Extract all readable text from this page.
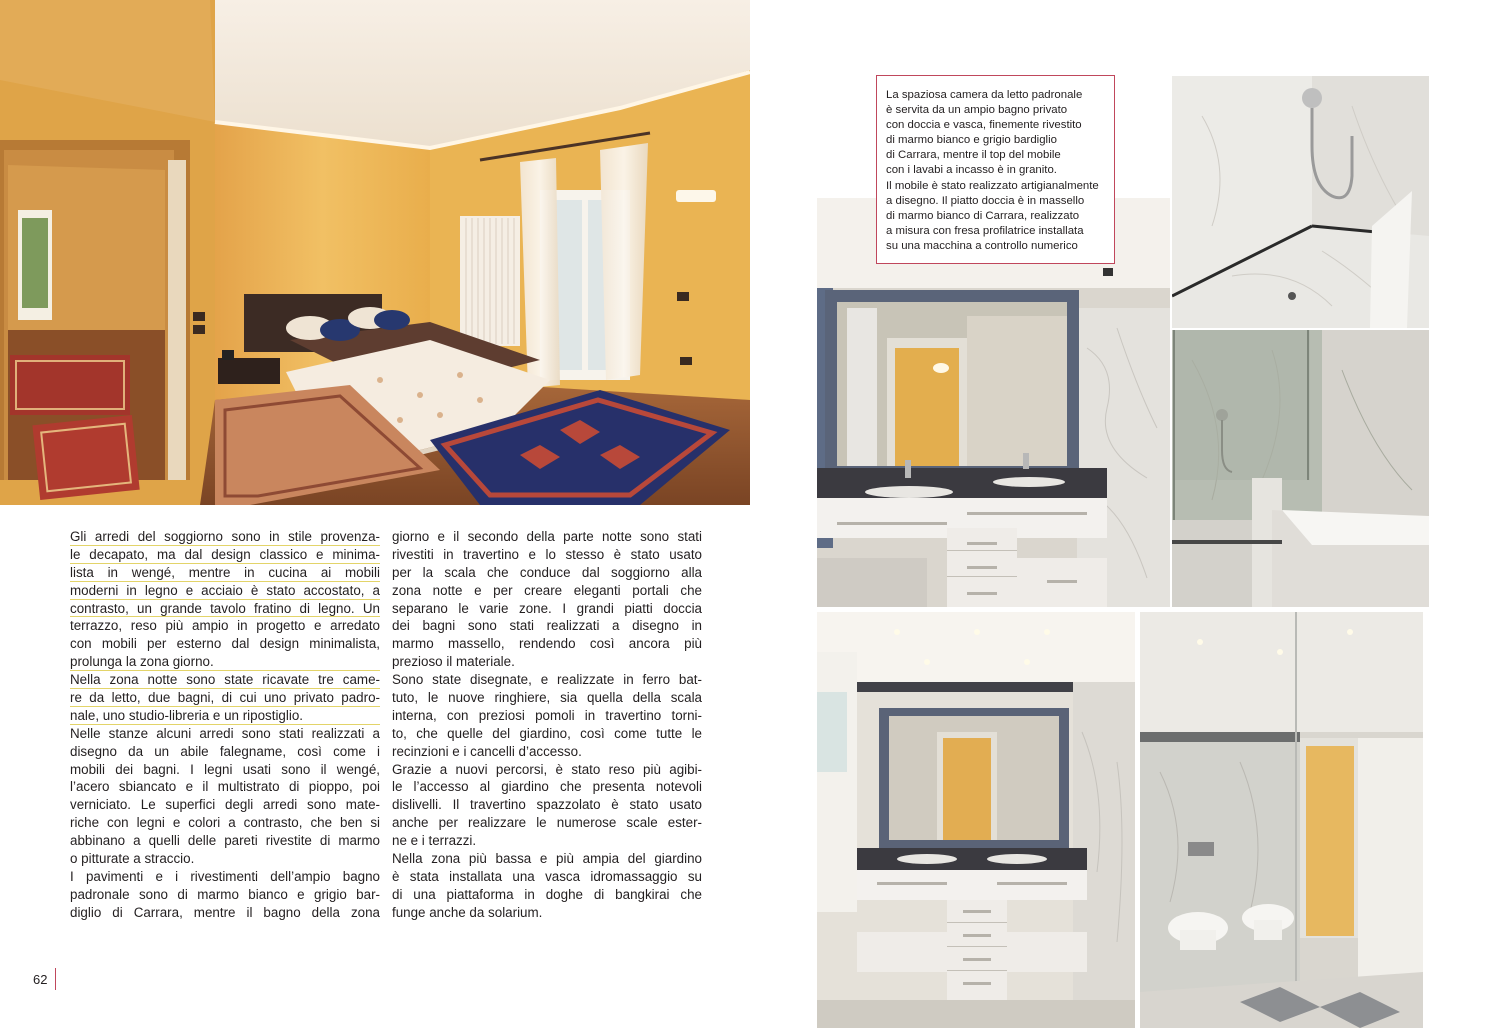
La spaziosa camera da letto padronale
è servita da un ampio bagno privato
con doccia e vasca, finemente rivestito
di marmo bianco e grigio bardiglio
di Carrara, mentre il top del mobile
con i lavabi a incasso è in granito.
Il mobile è stato realizzato artigianalmente
a disegno. Il piatto doccia è in massello
di marmo bianco di Carrara, realizzato
a misura con fresa profilatrice installata
su una macchina a controllo numerico

Gli arredi del soggiorno sono in stile provenza-
le decapato, ma dal design classico e minima-
lista in wengé, mentre in cucina ai mobili
moderni in legno e acciaio è stato accostato, a
contrasto, un grande tavolo fratino di legno. Un
terrazzo, reso più ampio in progetto e arredato
con mobili per esterno dal design minimalista,
prolunga la zona giorno.
Nella zona notte sono state ricavate tre came-
re da letto, due bagni, di cui uno privato padro-
nale, uno studio-libreria e un ripostiglio.
Nelle stanze alcuni arredi sono stati realizzati a
disegno da un abile falegname, così come i
mobili dei bagni. I legni usati sono il wengé,
l’acero sbiancato e il multistrato di pioppo, poi
verniciato. Le superfici degli arredi sono mate-
riche con legni e colori a contrasto, che ben si
abbinano a quelli delle pareti rivestite di marmo
o pitturate a straccio.
I pavimenti e i rivestimenti dell’ampio bagno
padronale sono di marmo bianco e grigio bar-
diglio di Carrara, mentre il bagno della zona
giorno e il secondo della parte notte sono stati
rivestiti in travertino e lo stesso è stato usato
per la scala che conduce dal soggiorno alla
zona notte e per creare eleganti portali che
separano le varie zone. I grandi piatti doccia
dei bagni sono stati realizzati a disegno in
marmo massello, rendendo così ancora più
prezioso il materiale.
Sono state disegnate, e realizzate in ferro bat-
tuto, le nuove ringhiere, sia quella della scala
interna, con preziosi pomoli in travertino torni-
to, che quelle del giardino, così come tutte le
recinzioni e i cancelli d’accesso.
Grazie a nuovi percorsi, è stato reso più agibi-
le l’accesso al giardino che presenta notevoli
dislivelli. Il travertino spazzolato è stato usato
anche per realizzare le numerose scale ester-
ne e i terrazzi.
Nella zona più bassa e più ampia del giardino
è stata installata una vasca idromassaggio su
di una piattaforma in doghe di bangkirai che
funge anche da solarium.
62
